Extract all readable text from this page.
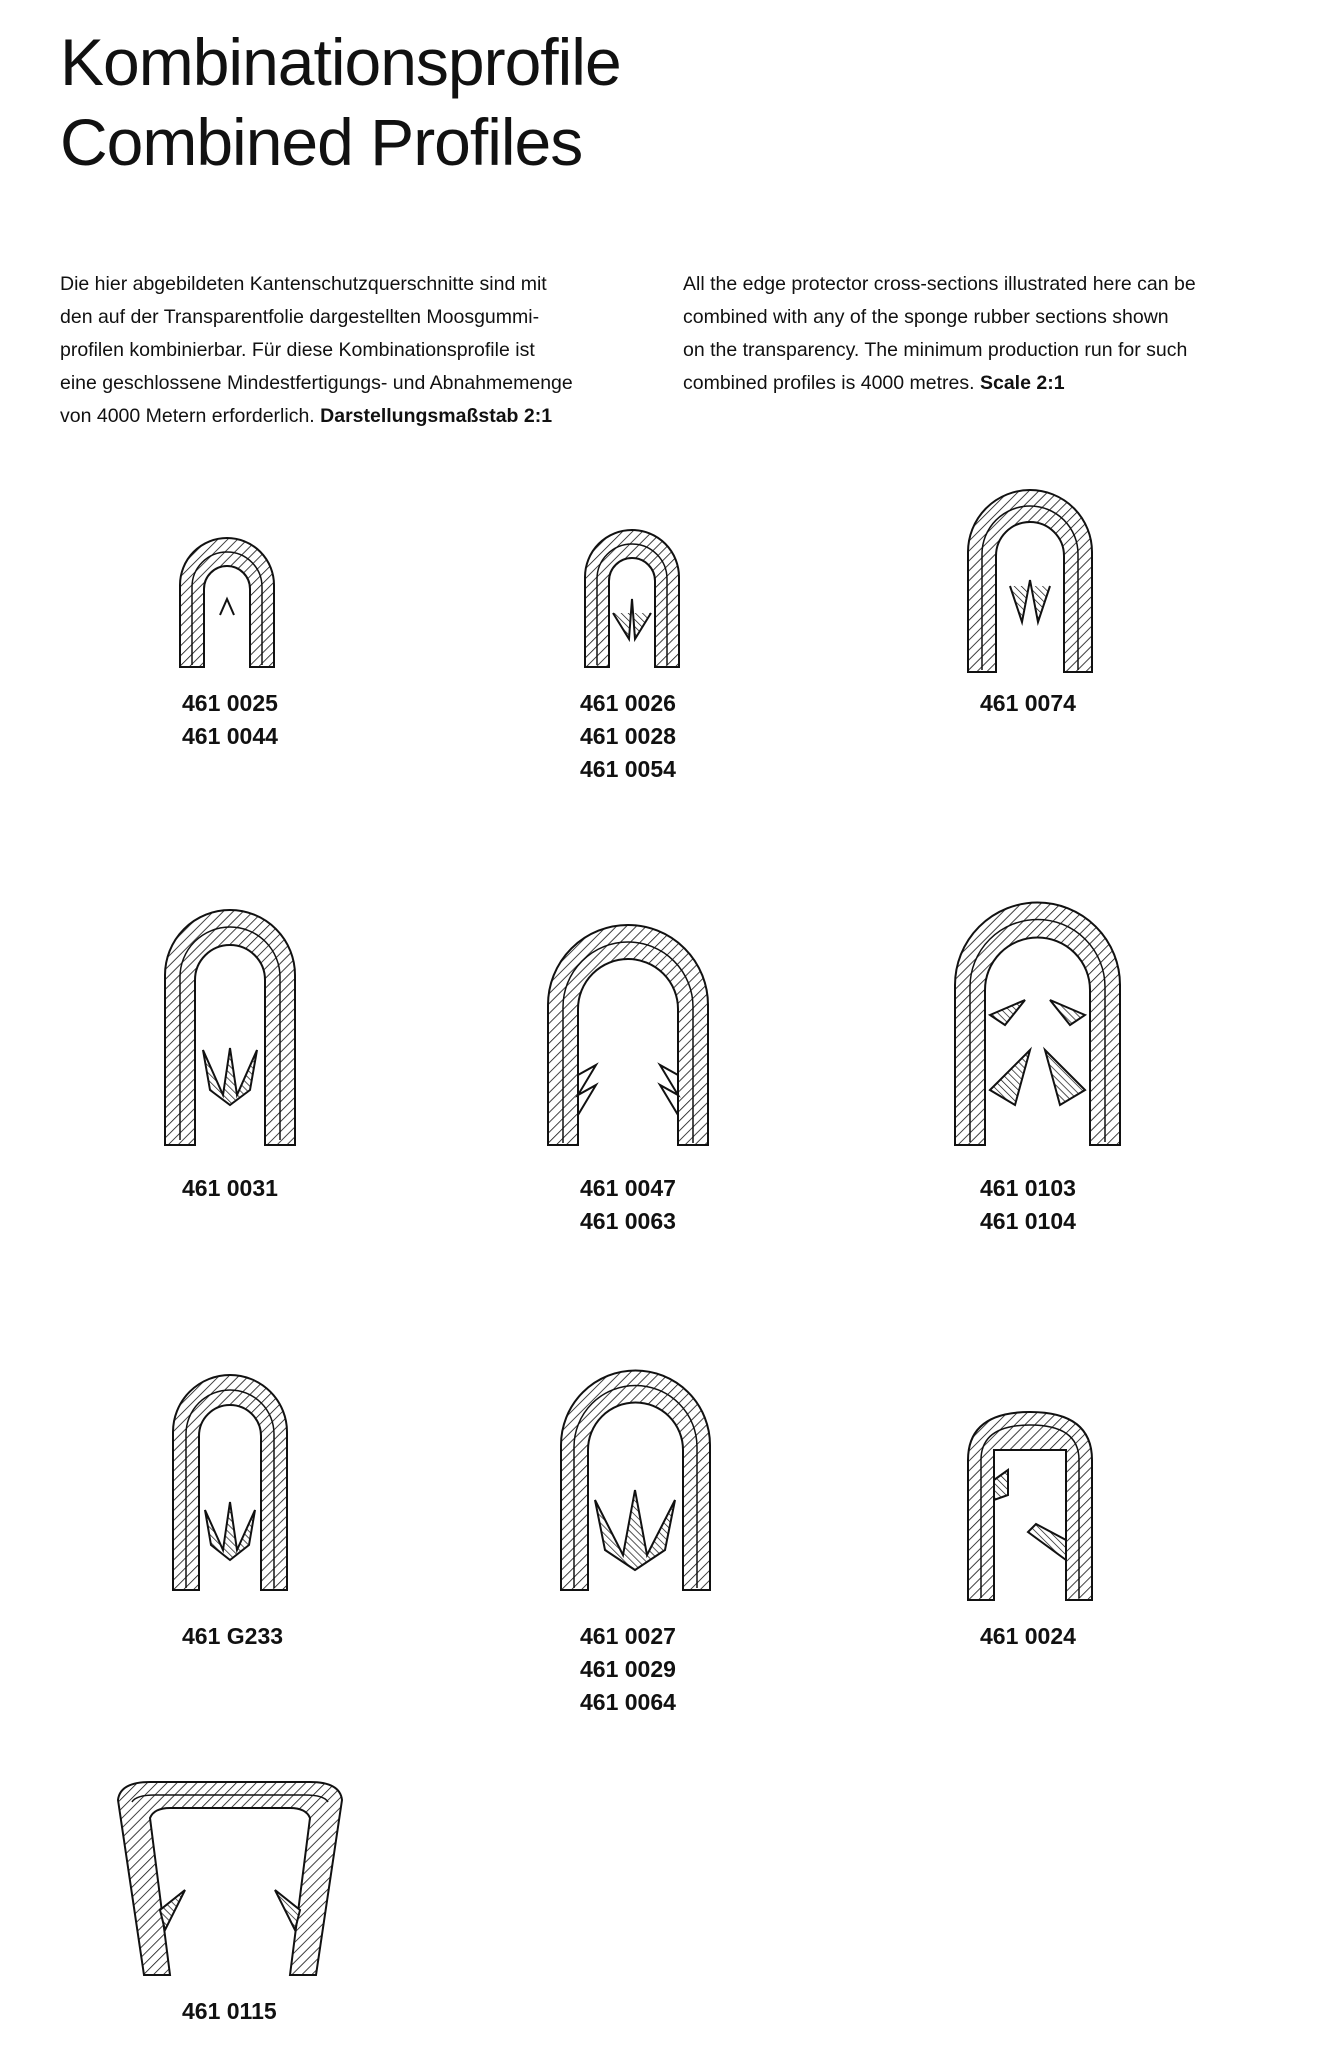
Kombinationsprofile
Combined Profiles
Die hier abgebildeten Kantenschutzquerschnitte sind mit
den auf der Transparentfolie dargestellten Moosgummi-
profilen kombinierbar. Für diese Kombinationsprofile ist
eine geschlossene Mindestfertigungs- und Abnahmemenge
von 4000 Metern erforderlich. Darstellungsmaßstab 2:1
All the edge protector cross-sections illustrated here can be
combined with any of the sponge rubber sections shown
on the transparency. The minimum production run for such
combined profiles is 4000 metres. Scale 2:1
461 0025
461 0044
461 0026
461 0028
461 0054
461 0074
461 0031	461 0047
461 0063
461 0103
461 0104
461 G233	461 0027
461 0029
461 0064
461 0024
461 0115
